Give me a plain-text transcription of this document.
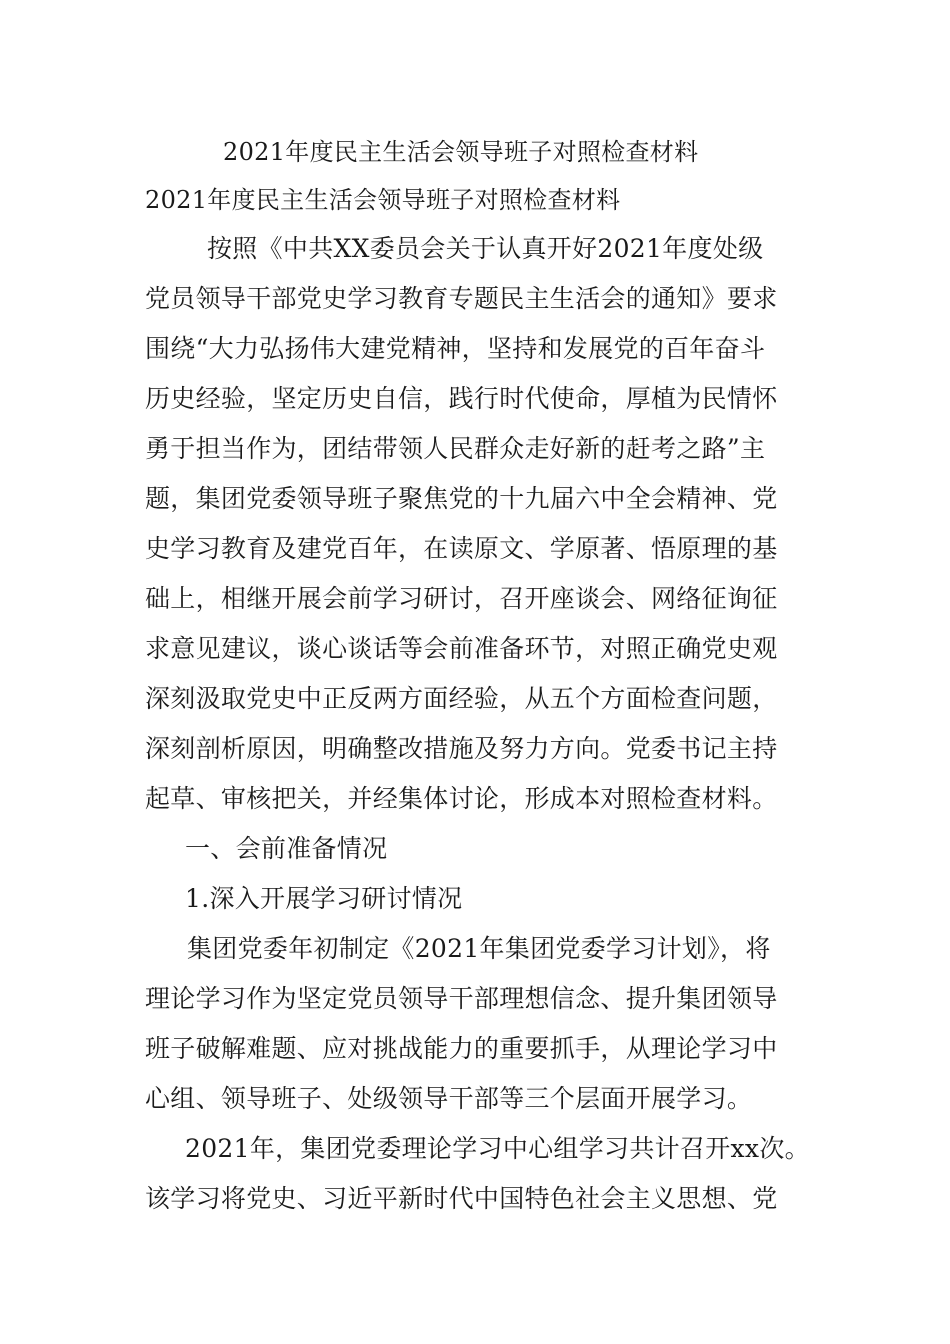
2021年度民主生活会领导班子对照检查材料
2021年度民主生活会领导班子对照检查材料
按照《中共XX委员会关于认真开好2021年度处级
党员领导干部党史学习教育专题民主生活会的通知》要求
围绕“大力弘扬伟大建党精神，坚持和发展党的百年奋斗
历史经验，坚定历史自信，践行时代使命，厚植为民情怀
勇于担当作为，团结带领人民群众走好新的赶考之路”主
题，集团党委领导班子聚焦党的十九届六中全会精神、党
史学习教育及建党百年，在读原文、学原著、悟原理的基
础上，相继开展会前学习研讨，召开座谈会、网络征询征
求意见建议，谈心谈话等会前准备环节，对照正确党史观
深刻汲取党史中正反两方面经验，从五个方面检查问题，
深刻剖析原因，明确整改措施及努力方向。党委书记主持
起草、审核把关，并经集体讨论，形成本对照检查材料。
一、会前准备情况
1.深入开展学习研讨情况
集团党委年初制定《2021年集团党委学习计划》，将
理论学习作为坚定党员领导干部理想信念、提升集团领导
班子破解难题、应对挑战能力的重要抓手，从理论学习中
心组、领导班子、处级领导干部等三个层面开展学习。
2021年，集团党委理论学习中心组学习共计召开xx次。
该学习将党史、习近平新时代中国特色社会主义思想、党
